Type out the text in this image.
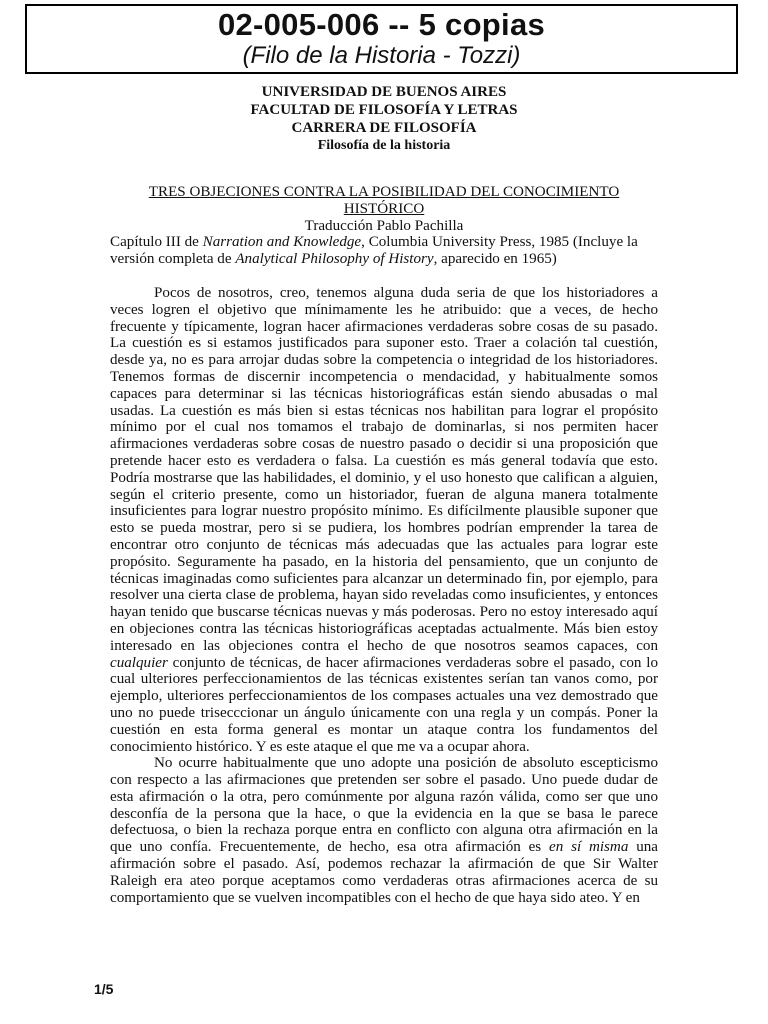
02-005-006 -- 5 copias
(Filo de la Historia - Tozzi)
UNIVERSIDAD DE BUENOS AIRES
FACULTAD DE FILOSOFÍA Y LETRAS
CARRERA DE FILOSOFÍA
Filosofía de la historia

TRES OBJECIONES CONTRA LA POSIBILIDAD DEL CONOCIMIENTO HISTÓRICO

Traducción Pablo Pachilla

Capítulo III de Narration and Knowledge, Columbia University Press, 1985 (Incluye la versión completa de Analytical Philosophy of History, aparecido en 1965)

Pocos de nosotros, creo, tenemos alguna duda seria de que los historiadores a veces logren el objetivo que mínimamente les he atribuido: que a veces, de hecho frecuente y típicamente, logran hacer afirmaciones verdaderas sobre cosas de su pasado. La cuestión es si estamos justificados para suponer esto. Traer a colación tal cuestión, desde ya, no es para arrojar dudas sobre la competencia o integridad de los historiadores. Tenemos formas de discernir incompetencia o mendacidad, y habitualmente somos capaces para determinar si las técnicas historiográficas están siendo abusadas o mal usadas. La cuestión es más bien si estas técnicas nos habilitan para lograr el propósito mínimo por el cual nos tomamos el trabajo de dominarlas, si nos permiten hacer afirmaciones verdaderas sobre cosas de nuestro pasado o decidir si una proposición que pretende hacer esto es verdadera o falsa. La cuestión es más general todavía que esto. Podría mostrarse que las habilidades, el dominio, y el uso honesto que califican a alguien, según el criterio presente, como un historiador, fueran de alguna manera totalmente insuficientes para lograr nuestro propósito mínimo. Es difícilmente plausible suponer que esto se pueda mostrar, pero si se pudiera, los hombres podrían emprender la tarea de encontrar otro conjunto de técnicas más adecuadas que las actuales para lograr este propósito. Seguramente ha pasado, en la historia del pensamiento, que un conjunto de técnicas imaginadas como suficientes para alcanzar un determinado fin, por ejemplo, para resolver una cierta clase de problema, hayan sido reveladas como insuficientes, y entonces hayan tenido que buscarse técnicas nuevas y más poderosas. Pero no estoy interesado aquí en objeciones contra las técnicas historiográficas aceptadas actualmente. Más bien estoy interesado en las objeciones contra el hecho de que nosotros seamos capaces, con cualquier conjunto de técnicas, de hacer afirmaciones verdaderas sobre el pasado, con lo cual ulteriores perfeccionamientos de las técnicas existentes serían tan vanos como, por ejemplo, ulteriores perfeccionamientos de los compases actuales una vez demostrado que uno no puede trisecccionar un ángulo únicamente con una regla y un compás. Poner la cuestión en esta forma general es montar un ataque contra los fundamentos del conocimiento histórico. Y es este ataque el que me va a ocupar ahora.

No ocurre habitualmente que uno adopte una posición de absoluto escepticismo con respecto a las afirmaciones que pretenden ser sobre el pasado. Uno puede dudar de esta afirmación o la otra, pero comúnmente por alguna razón válida, como ser que uno desconfía de la persona que la hace, o que la evidencia en la que se basa le parece defectuosa, o bien la rechaza porque entra en conflicto con alguna otra afirmación en la que uno confía. Frecuentemente, de hecho, esa otra afirmación es en sí misma una afirmación sobre el pasado. Así, podemos rechazar la afirmación de que Sir Walter Raleigh era ateo porque aceptamos como verdaderas otras afirmaciones acerca de su comportamiento que se vuelven incompatibles con el hecho de que haya sido ateo. Y en

1/5
